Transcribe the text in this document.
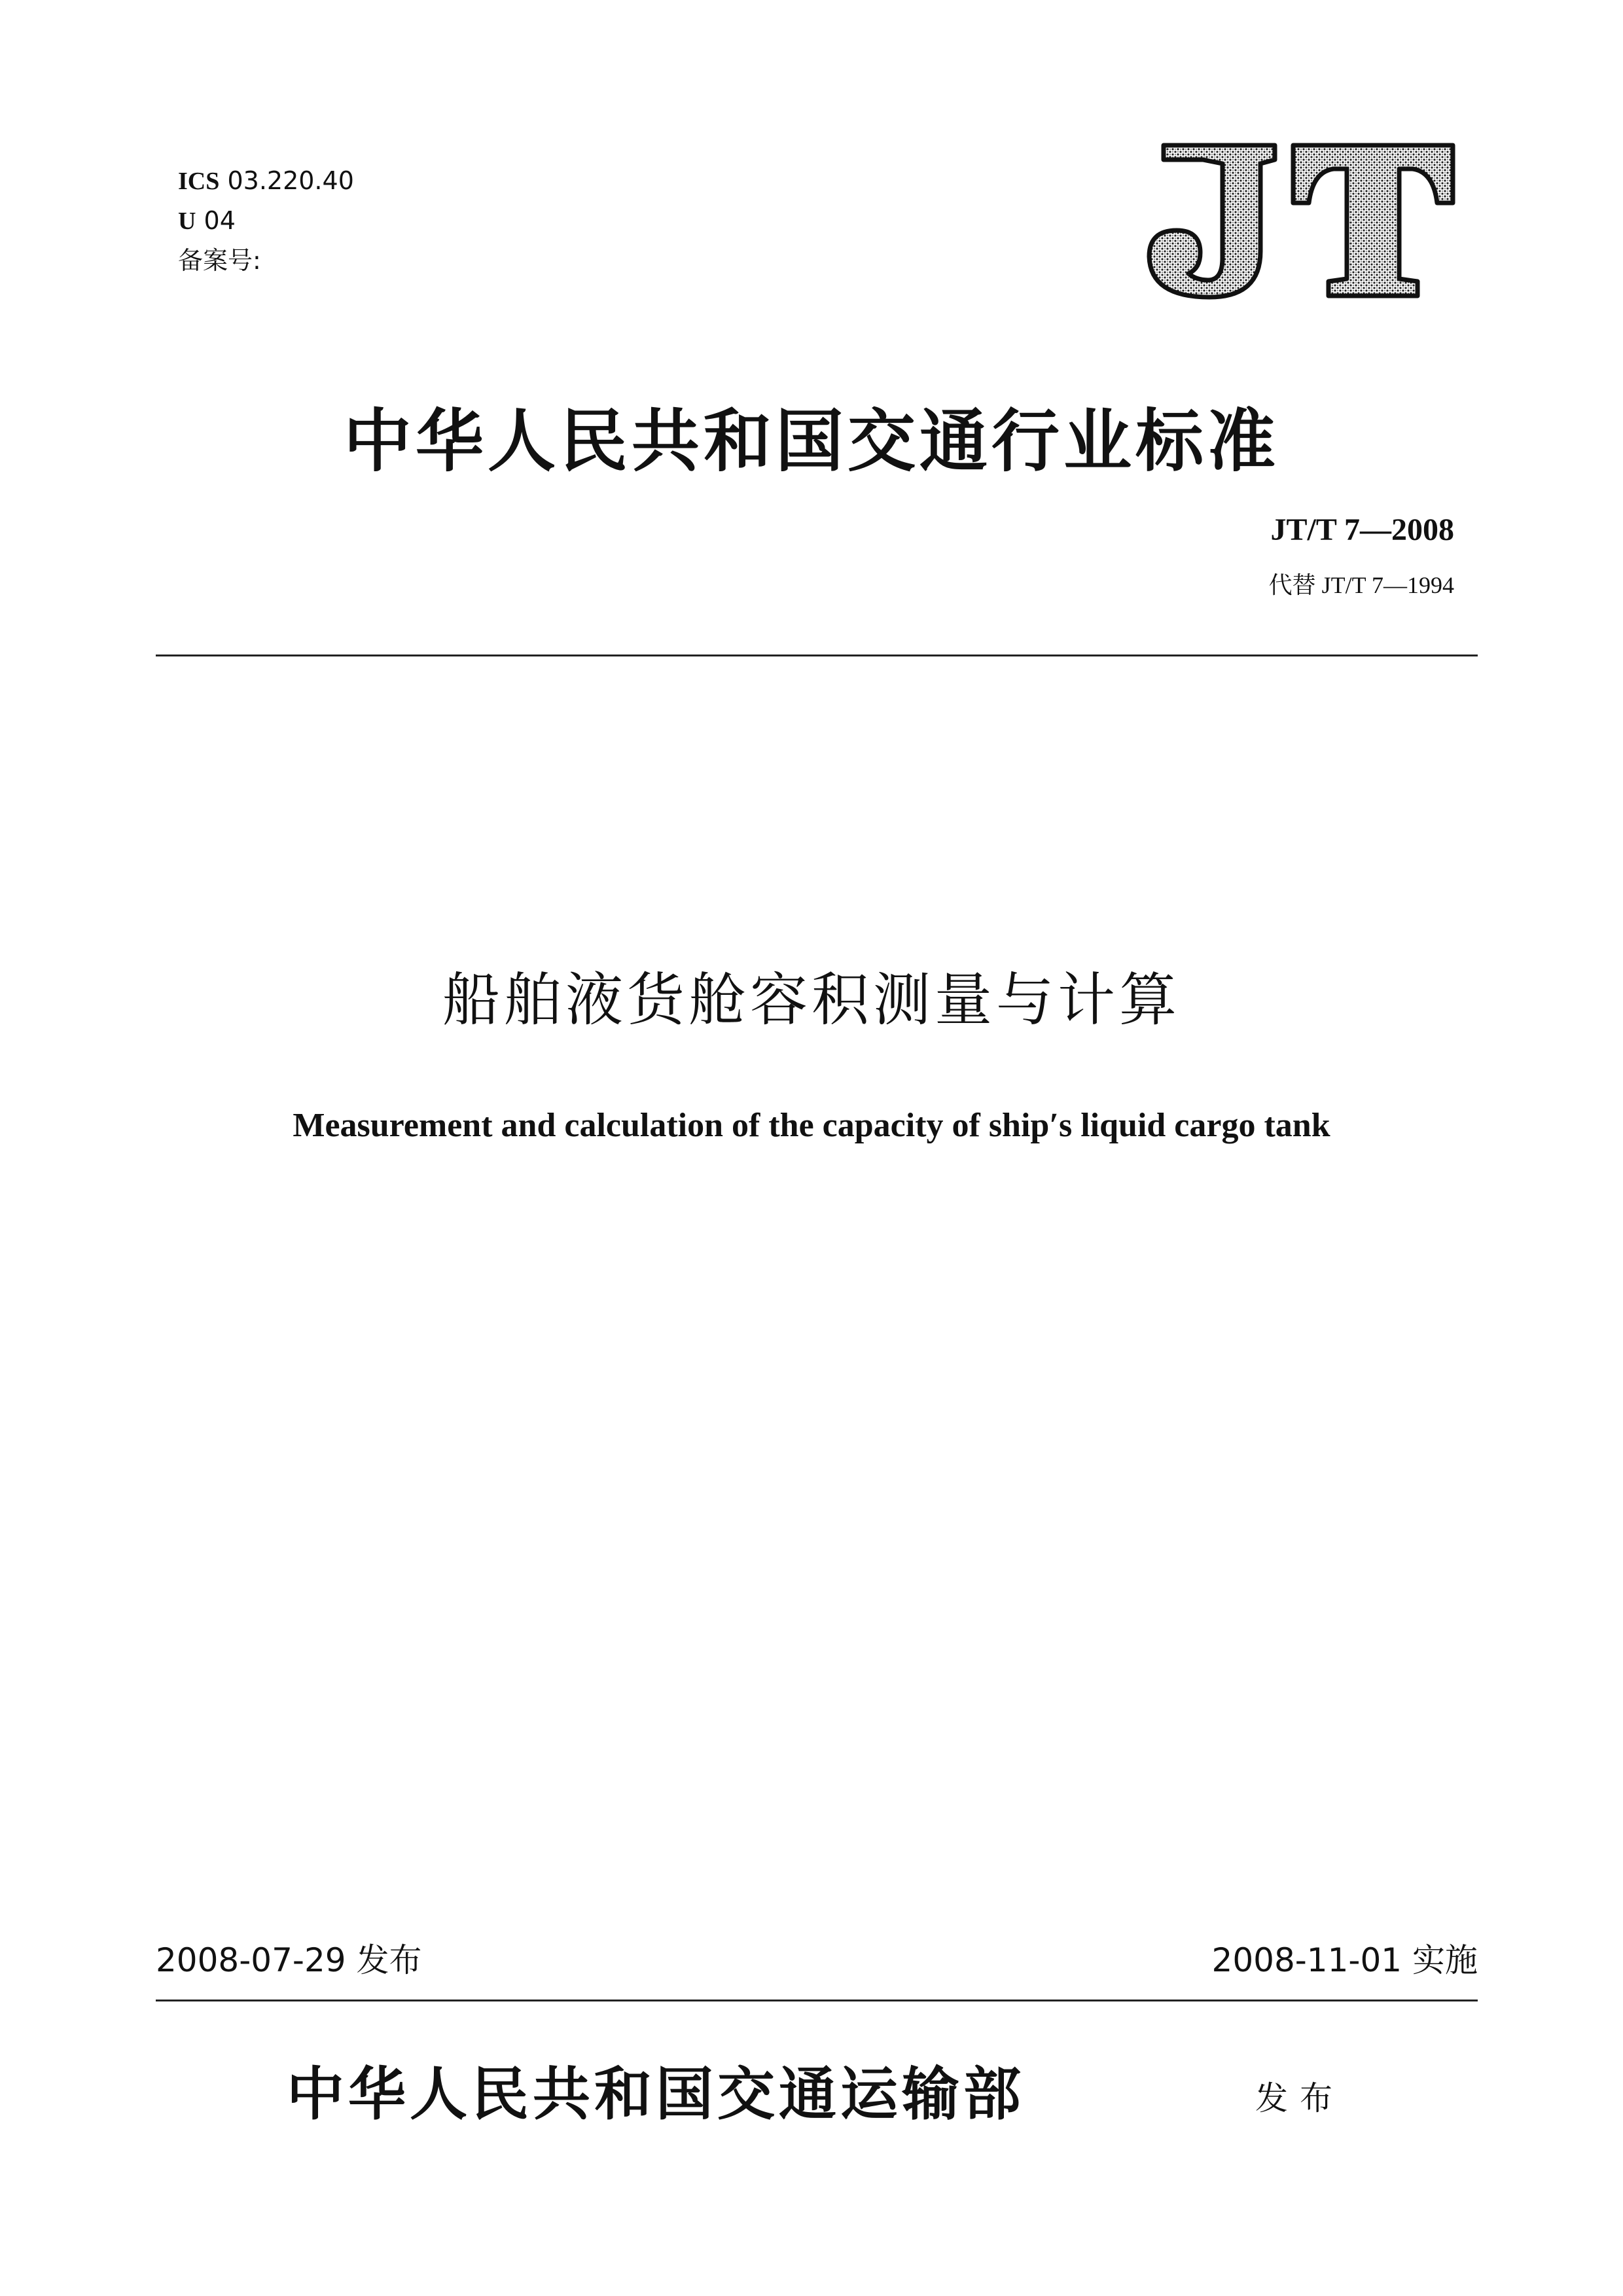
ICS 03.220.40
U 04
备案号:
中华人民共和国交通行业标准
JT/T 7—2008
代替 JT/T 7—1994
船舶液货舱容积测量与计算
Measurement and calculation of the capacity of ship′s liquid cargo tank
2008-07-29 发布	2008-11-01 实施
中华人民共和国交通运输部	发布
